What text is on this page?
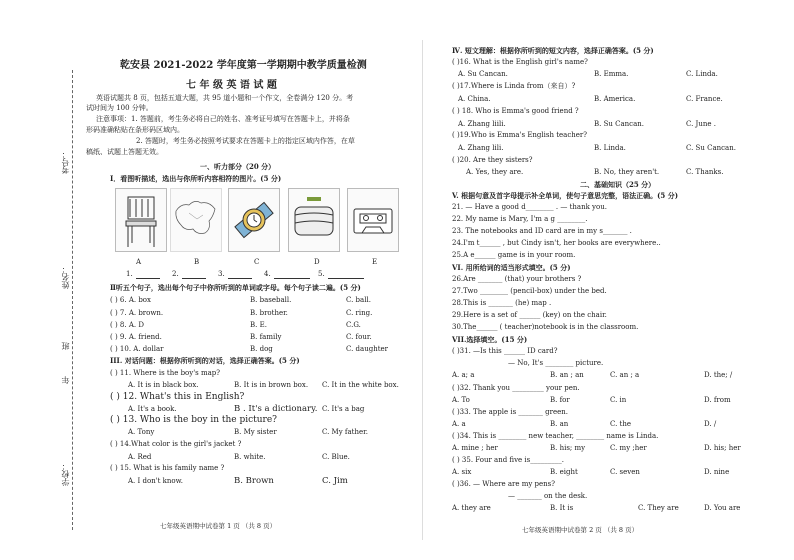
考号：
姓名：
班
年
学校：
乾安县 2021-2022 学年度第一学期期中教学质量检测
七 年 级 英 语 试 题
英语试题共 8 页，包括五道大题，共 95 道小题和一个作文，全卷满分 120 分。考
试时间为 100 分钟。
注意事项：1. 答题前，考生务必将自己的姓名、准考证号填写在答题卡上，并将条
形码准确粘贴在条形码区域内。
2. 答题时，考生务必按照考试要求在答题卡上的指定区域内作答，在草
稿纸、试题上答题无效。
一、听力部分（20 分）
Ⅰ．看图听描述，选出与你所听内容相符的图片。(5 分)
A	B	C	D	E
1.	2.	3.	4.	5.
Ⅱ听五个句子，选出每个句子中你所听到的单词或字母。每个句子读二遍。(5 分)
( ) 6. A. box	B. baseball.	C. ball.
( ) 7. A. brown.	B. brother.	C. ring.
( ) 8. A. D	B. E.	C.G.
( ) 9. A. friend.	B. family	C. four.
( ) 10. A. dollar	B. dog	C. daughter
III. 对话问题：根据你所听到的对话，选择正确答案。(5 分)
( ) 11. Where is the boy's map?
A. It is in black box.	B. It is in brown box. C. It in the white box.
( ) 12. What's this in English?
A. It's a book.	B . It's a dictionary. C. It's a bag
( ) 13. Who is the boy in the picture?
A. Tony	B. My sister	C. My father.
( ) 14.What color is the girl's jacket ?
A. Red	B. white.	C. Blue.
( ) 15. What is his family name ?
A. I don't know.	B. Brown	C. Jim
七年级英语期中试卷第 1 页 （共 8 页）
Ⅳ. 短文理解：根据你所听到的短文内容，选择正确答案。(5 分)
( )16. What is the English girl's name?
A. Su Cancan.	B. Emma.	C. Linda.
( )17.Where is Linda from（来自）?
A. China.	B. America.	C. France.
( ) 18. Who is Emma's good friend ?
A. Zhang liili.	B. Su Cancan.	C. June .
( )19.Who is Emma's English teacher?
A. Zhang lili.	B. Linda.	C. Su Cancan.
( )20. Are they sisters?
A. Yes, they are.	B. No, they aren't.	C. Thanks.
二、基础知识（25 分）
V. 根据句意及首字母提示补全单词，使句子意思完整，语法正确。(5 分)
21. — Have a good d________ . — thank you.
22. My name is Mary, I'm a g ________.
23. The notebooks and ID card are in my s_______ .
24.I'm t______ , but Cindy isn't, her books are everywhere..
25.A e______ game is in your room.
VI. 用所给词的适当形式填空。(5 分)
26.Are _______ (that) your brothers ?
27.Two ________ (pencil-box) under the bed.
28.This is _______ (he) map .
29.Here is a set of ______ (key) on the chair.
30.The______ ( teacher)notebook is in the classroom.
VII.选择填空。(15 分)
( )31. —Is this ______ ID card?
— No, It's ________ picture.
A. a; a	B. an ; an	C. an ; a	D. the; /
( )32. Thank you _________ your pen.
A. To	B. for	C. in	D. from
( )33. The apple is _______ green.
A. a	B. an	C. the	D. /
( )34. This is ________ new teacher, ________ name is Linda.
A. mine ; her	B. his; my	C. my ;her	D. his; her
( ) 35. Four and five is_________.
A. six	B. eight	C. seven	D. nine
( )36. — Where are my pens?
— _______ on the desk.
A. they are	B. It is	C. They are	D. You are
七年级英语期中试卷第 2 页 （共 8 页）
